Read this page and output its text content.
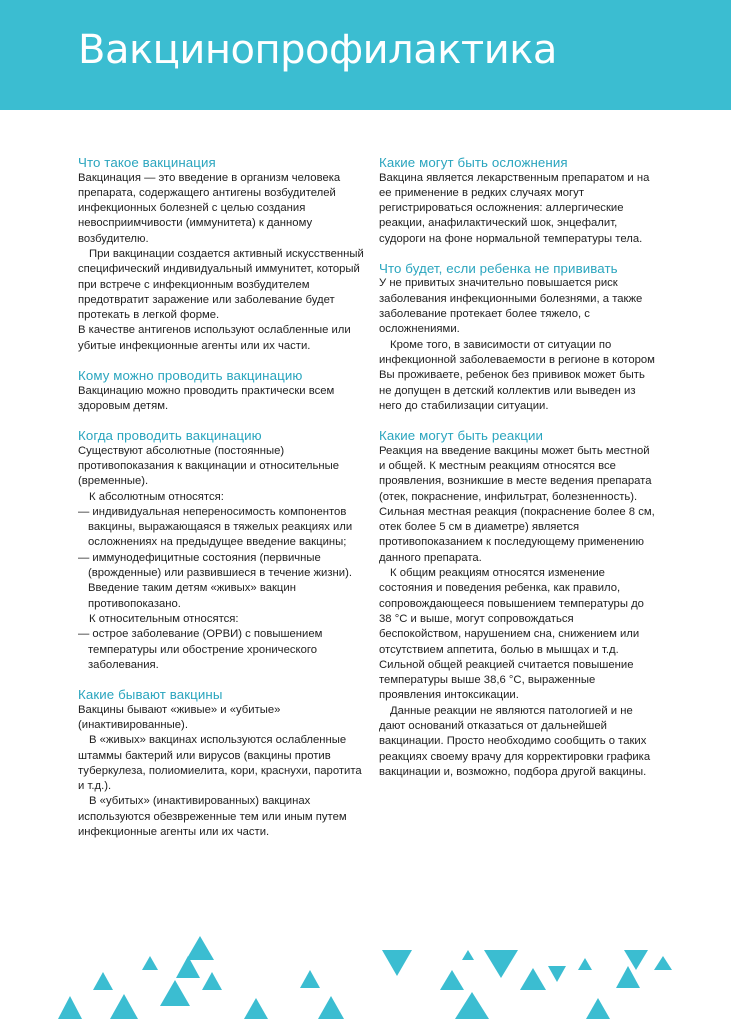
Вакцинопрофилактика
Что такое вакцинация

Вакцинация — это введение в организм человека препарата, содержащего антигены возбудителей инфекционных болезней с целью создания невосприимчивости (иммунитета) к данному возбудителю.

При вакцинации создается активный искусственный специфический индивидуальный иммунитет, который при встрече с инфекционным возбудителем предотвратит заражение или заболевание будет протекать в легкой форме.

В качестве антигенов используют ослабленные или убитые инфекционные агенты или их части.

Кому можно проводить вакцинацию

Вакцинацию можно проводить практически всем здоровым детям.

Когда проводить вакцинацию

Существуют абсолютные (постоянные) противопоказания к вакцинации и относительные (временные).

К абсолютным относятся:

— индивидуальная непереносимость компонентов вакцины, выражающаяся в тяжелых реакциях или осложнениях на предыдущее введение вакцины;

— иммунодефицитные состояния (первичные (врожденные) или развившиеся в течение жизни). Введение таким детям «живых» вакцин противопоказано.

К относительным относятся:

— острое заболевание (ОРВИ) с повышением температуры или обострение хронического заболевания.

Какие бывают вакцины

Вакцины бывают «живые» и «убитые» (инактивированные).

В «живых» вакцинах используются ослабленные штаммы бактерий или вирусов (вакцины против туберкулеза, полиомиелита, кори, краснухи, паротита и т.д.).

В «убитых» (инактивированных) вакцинах используются обезвреженные тем или иным путем инфекционные агенты или их части.

Какие могут быть осложнения

Вакцина является лекарственным препаратом и на ее применение в редких случаях могут регистрироваться осложнения: аллергические реакции, анафилактический шок, энцефалит, судороги на фоне нормальной температуры тела.

Что будет, если ребенка не прививать

У не привитых значительно повышается риск заболевания инфекционными болезнями, а также заболевание протекает более тяжело, с осложнениями.

Кроме того, в зависимости от ситуации по инфекционной заболеваемости в регионе в котором Вы проживаете, ребенок без прививок может быть не допущен в детский коллектив или выведен из него до стабилизации ситуации.

Какие могут быть реакции

Реакция на введение вакцины может быть местной и общей. К местным реакциям относятся все проявления, возникшие в месте ведения препарата (отек, покраснение, инфильтрат, болезненность). Сильная местная реакция (покраснение более 8 см, отек более 5 см в диаметре) является противопоказанием к последующему применению данного препарата.

К общим реакциям относятся изменение состояния и поведения ребенка, как правило, сопровождающееся повышением температуры до 38 °С и выше, могут сопровождаться беспокойством, нарушением сна, снижением или отсутствием аппетита, болью в мышцах и т.д. Сильной общей реакцией считается повышение температуры выше 38,6 °С, выраженные проявления интоксикации.

Данные реакции не являются патологией и не дают оснований отказаться от дальнейшей вакцинации. Просто необходимо сообщить о таких реакциях своему врачу для корректировки графика вакцинации и, возможно, подбора другой вакцины.
